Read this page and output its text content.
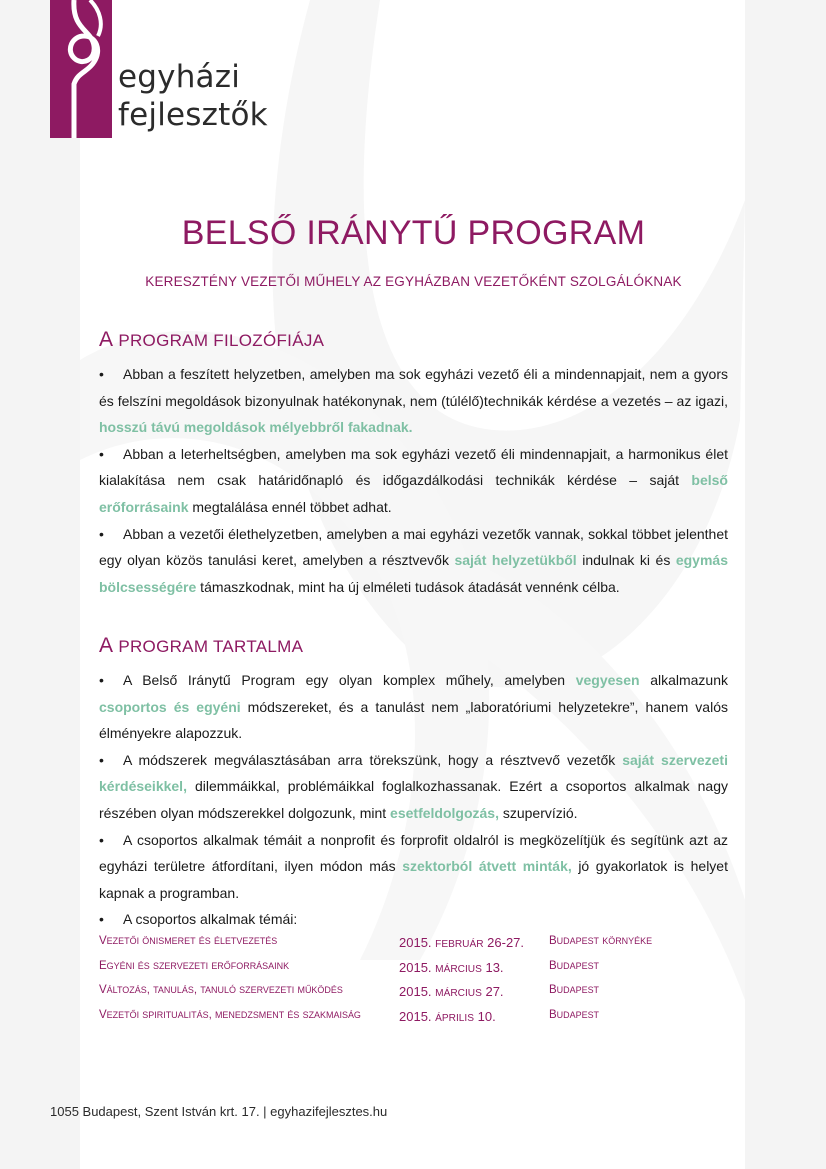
egyházi
fejlesztők
BELSŐ IRÁNYTŰ PROGRAM
KERESZTÉNY VEZETŐI MŰHELY AZ EGYHÁZBAN VEZETŐKÉNT SZOLGÁLÓKNAK
A PROGRAM FILOZÓFIÁJA

• Abban a feszített helyzetben, amelyben ma sok egyházi vezető éli a mindennapjait, nem a gyors és felszíni megoldások bizonyulnak hatékonynak, nem (túlélő)technikák kérdése a vezetés – az igazi, hosszú távú megoldások mélyebbről fakadnak.

• Abban a leterheltségben, amelyben ma sok egyházi vezető éli mindennapjait, a harmonikus élet kialakítása nem csak határidőnapló és időgazdálkodási technikák kérdése – saját belső erőforrásaink megtalálása ennél többet adhat.

• Abban a vezetői élethelyzetben, amelyben a mai egyházi vezetők vannak, sokkal többet jelenthet egy olyan közös tanulási keret, amelyben a résztvevők saját helyzetükből indulnak ki és egymás bölcsességére támaszkodnak, mint ha új elméleti tudások átadását vennénk célba.

A PROGRAM TARTALMA

• A Belső Iránytű Program egy olyan komplex műhely, amelyben vegyesen alkalmazunk csoportos és egyéni módszereket, és a tanulást nem „laboratóriumi helyzetekre”, hanem valós élményekre alapozzuk.

• A módszerek megválasztásában arra törekszünk, hogy a résztvevő vezetők saját szervezeti kérdéseikkel, dilemmáikkal, problémáikkal foglalkozhassanak. Ezért a csoportos alkalmak nagy részében olyan módszerekkel dolgozunk, mint esetfeldolgozás, szupervízió.

• A csoportos alkalmak témáit a nonprofit és forprofit oldalról is megközelítjük és segítünk azt az egyházi területre átfordítani, ilyen módon más szektorból átvett minták, jó gyakorlatok is helyet kapnak a programban.

• A csoportos alkalmak témái:

VEZETŐI ÖNISMERET ÉS ÉLETVEZETÉS	2015. FEBRUÁR 26-27. BUDAPEST KÖRNYÉKE
EGYÉNI ÉS SZERVEZETI ERŐFORRÁSAINK	2015. MÁRCIUS 13.	BUDAPEST
VÁLTOZÁS, TANULÁS, TANULÓ SZERVEZETI MŰKÖDÉS	2015. MÁRCIUS 27.	BUDAPEST
VEZETŐI SPIRITUALITÁS, MENEDZSMENT ÉS SZAKMAISÁG	2015. ÁPRILIS 10.	BUDAPEST
1055 Budapest, Szent István krt. 17. | egyhazifejlesztes.hu
